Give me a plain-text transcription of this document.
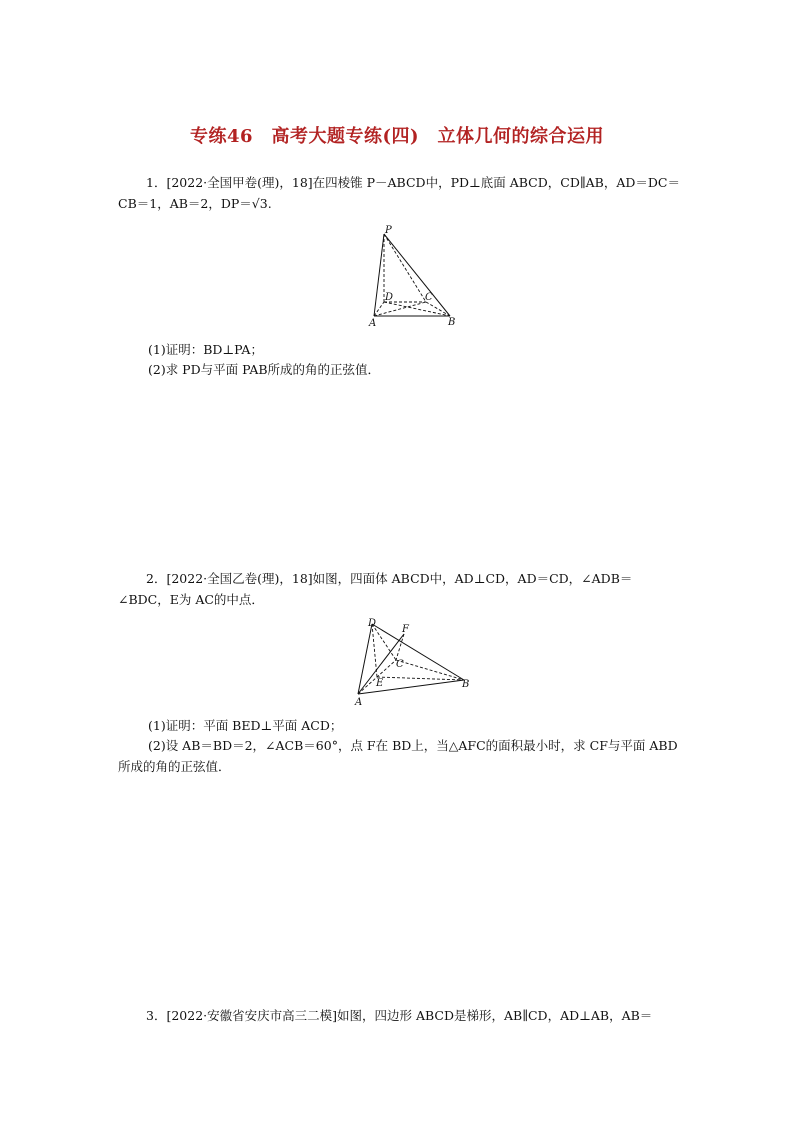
专练46　高考大题专练(四)　立体几何的综合运用
1．[2022·全国甲卷(理)，18]在四棱锥 P－ABCD中，PD⊥底面 ABCD，CD∥AB，AD＝DC＝
CB＝1，AB＝2，DP＝√3.
P
D	C
A	B
(1)证明：BD⊥PA；
(2)求 PD与平面 PAB所成的角的正弦值．
2．[2022·全国乙卷(理)，18]如图，四面体 ABCD中，AD⊥CD，AD＝CD，∠ADB＝
∠BDC，E为 AC的中点．
D
F
C
E	B
A
(1)证明：平面 BED⊥平面 ACD；
(2)设 AB＝BD＝2，∠ACB＝60°，点 F在 BD上，当△AFC的面积最小时，求 CF与平面 ABD
所成的角的正弦值．
3．[2022·安徽省安庆市高三二模]如图，四边形 ABCD是梯形，AB∥CD，AD⊥AB，AB＝
